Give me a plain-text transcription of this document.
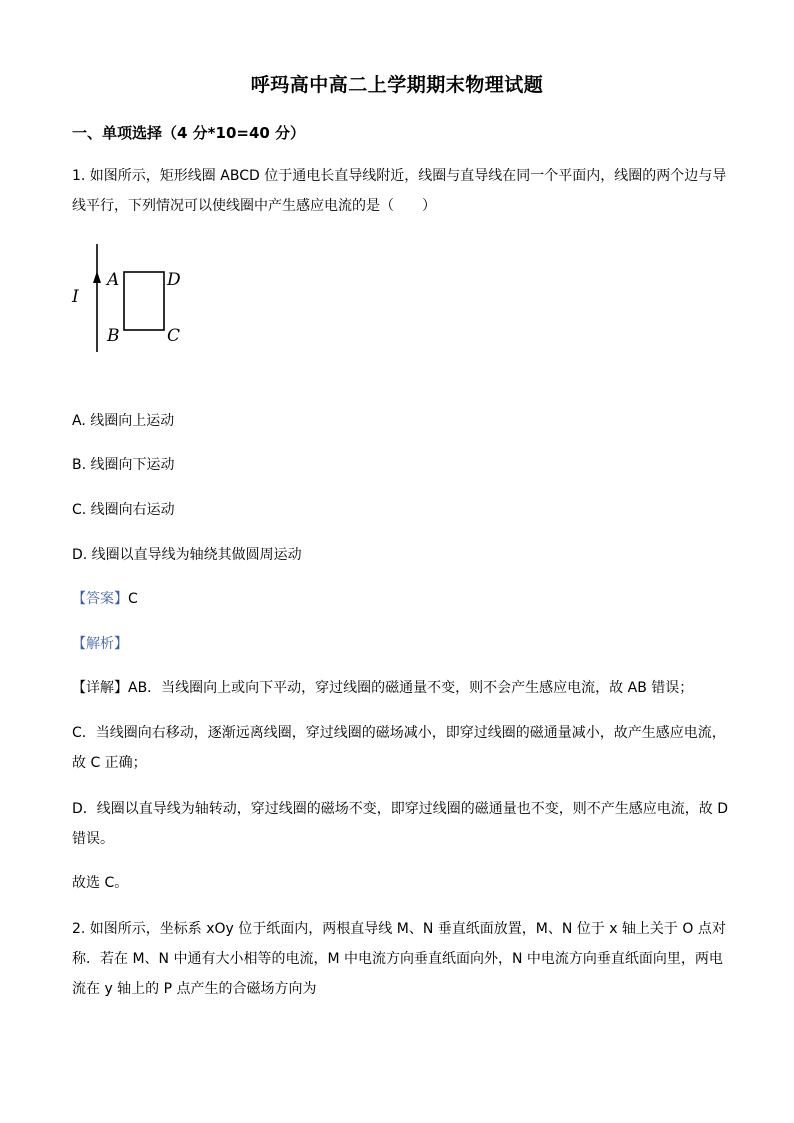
呼玛高中高二上学期期末物理试题
一、单项选择（4 分*10=40 分）
1. 如图所示，矩形线圈 ABCD 位于通电长直导线附近，线圈与直导线在同一个平面内，线圈的两个边与导
线平行，下列情况可以使线圈中产生感应电流的是（　　）
I
A	D
B	C
A. 线圈向上运动
B. 线圈向下运动
C. 线圈向右运动
D. 线圈以直导线为轴绕其做圆周运动
【答案】C
【解析】
【详解】AB．当线圈向上或向下平动，穿过线圈的磁通量不变，则不会产生感应电流，故 AB 错误；
C．当线圈向右移动，逐渐远离线圈，穿过线圈的磁场减小，即穿过线圈的磁通量减小，故产生感应电流，
故 C 正确；
D．线圈以直导线为轴转动，穿过线圈的磁场不变，即穿过线圈的磁通量也不变，则不产生感应电流，故 D
错误。
故选 C。
2. 如图所示，坐标系 xOy 位于纸面内，两根直导线 M、N 垂直纸面放置，M、N 位于 x 轴上关于 O 点对
称．若在 M、N 中通有大小相等的电流，M 中电流方向垂直纸面向外，N 中电流方向垂直纸面向里，两电
流在 y 轴上的 P 点产生的合磁场方向为
